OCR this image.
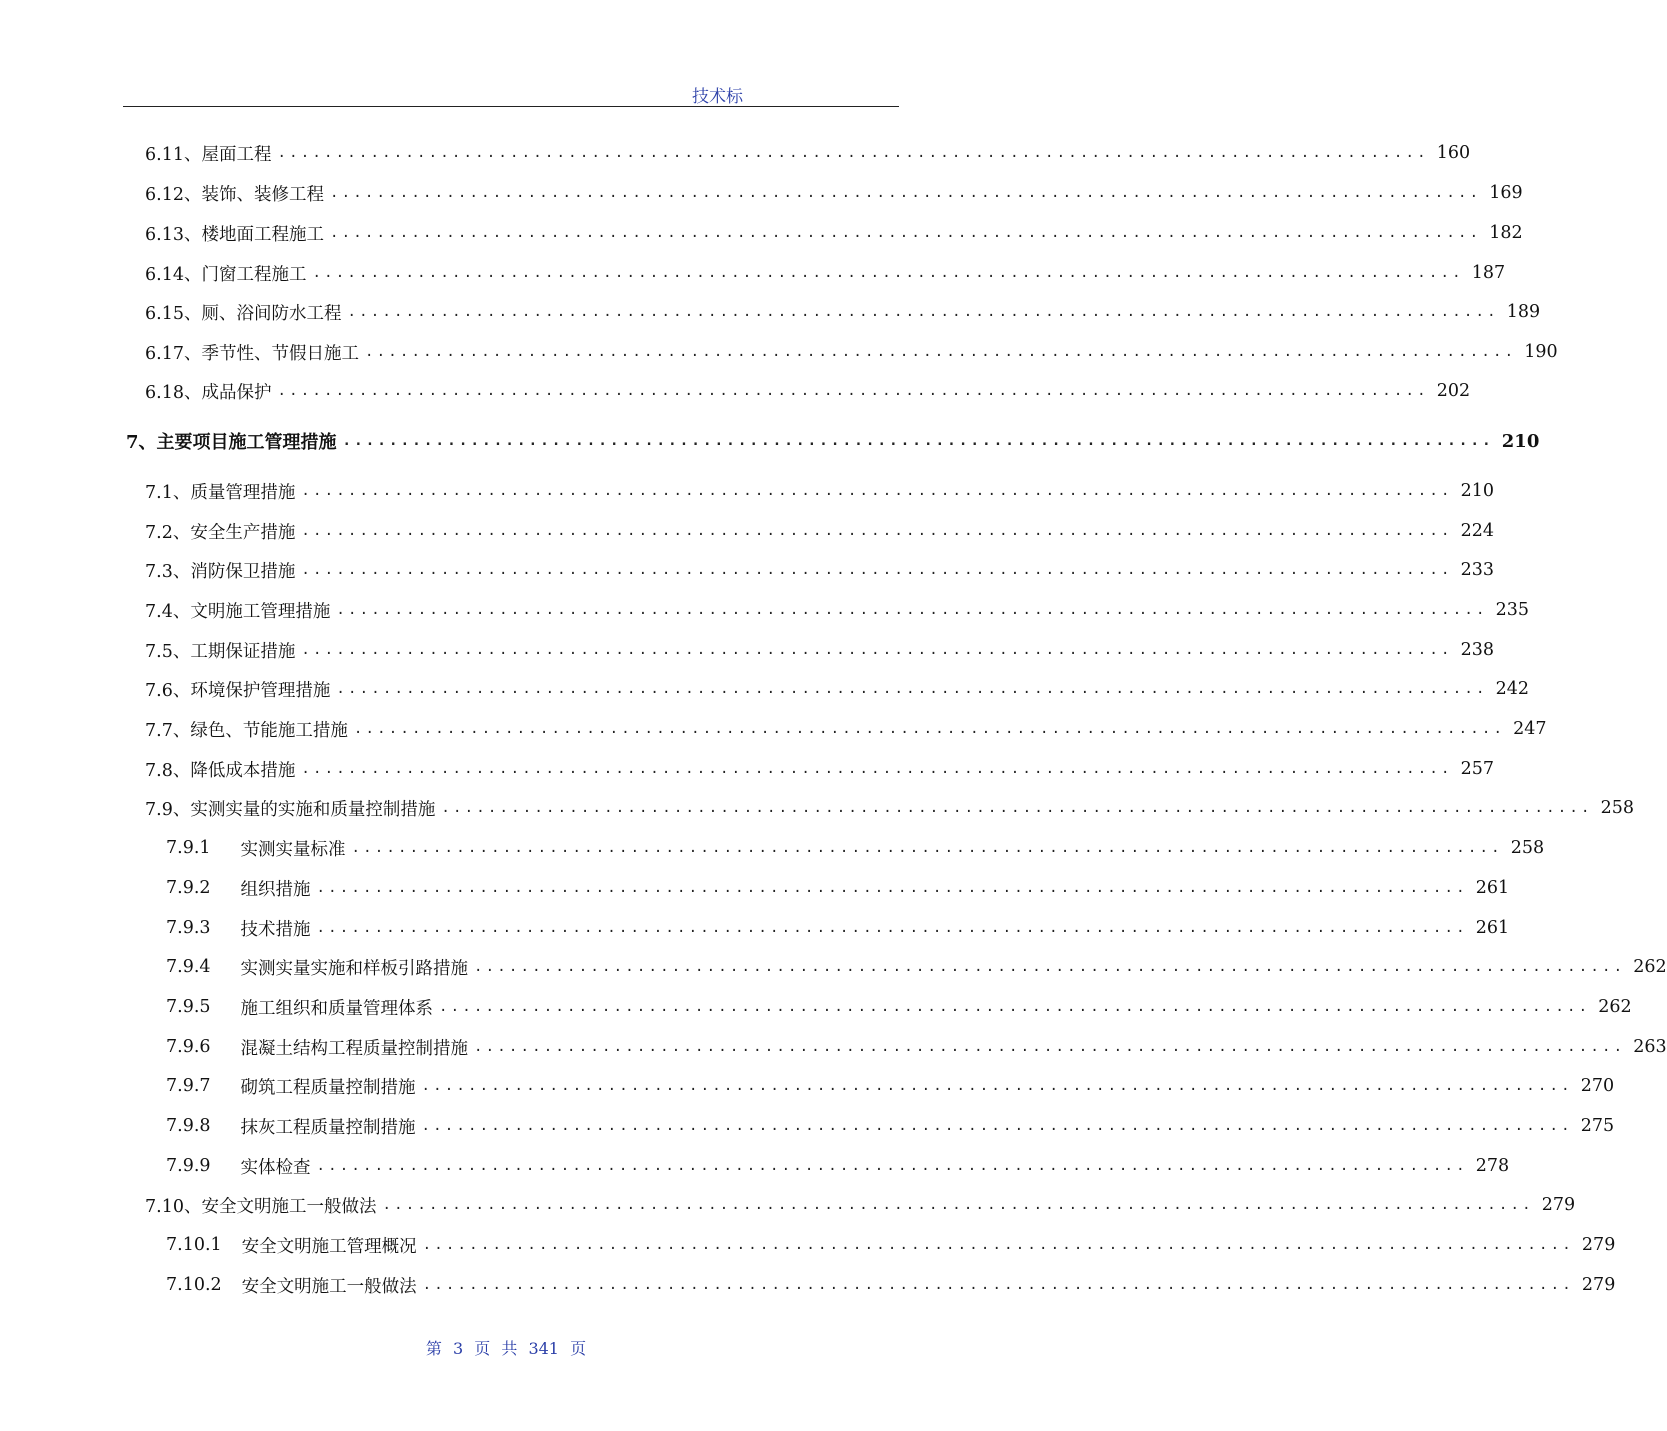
技术标
6.11、 屋面工程 ................................................................................................... 160
6.12、 装饰、装修工程 ................................................................................................... 169
6.13、 楼地面工程施工 ................................................................................................... 182
6.14、 门窗工程施工 ................................................................................................... 187
6.15、 厕、浴间防水工程 ................................................................................................... 189
6.17、 季节性、节假日施工 ................................................................................................... 190
6.18、 成品保护 ................................................................................................... 202
7、 主要项目施工管理措施 ................................................................................................... 210
7.1、 质量管理措施 ................................................................................................... 210
7.2、 安全生产措施 ................................................................................................... 224
7.3、 消防保卫措施 ................................................................................................... 233
7.4、 文明施工管理措施 ................................................................................................... 235
7.5、 工期保证措施 ................................................................................................... 238
7.6、 环境保护管理措施 ................................................................................................... 242
7.7、 绿色、节能施工措施 ................................................................................................... 247
7.8、 降低成本措施 ................................................................................................... 257
7.9、 实测实量的实施和质量控制措施 ................................................................................................... 258
7.9.1 实测实量标准 ................................................................................................... 258
7.9.2 组织措施 ................................................................................................... 261
7.9.3 技术措施 ................................................................................................... 261
7.9.4 实测实量实施和样板引路措施 ................................................................................................... 262
7.9.5 施工组织和质量管理体系 ................................................................................................... 262
7.9.6 混凝土结构工程质量控制措施 ................................................................................................... 263
7.9.7 砌筑工程质量控制措施 ................................................................................................... 270
7.9.8 抹灰工程质量控制措施 ................................................................................................... 275
7.9.9 实体检查 ................................................................................................... 278
7.10、 安全文明施工一般做法 ................................................................................................... 279
7.10.1 安全文明施工管理概况 ................................................................................................... 279
7.10.2 安全文明施工一般做法 ................................................................................................... 279
第 3 页 共 341 页
